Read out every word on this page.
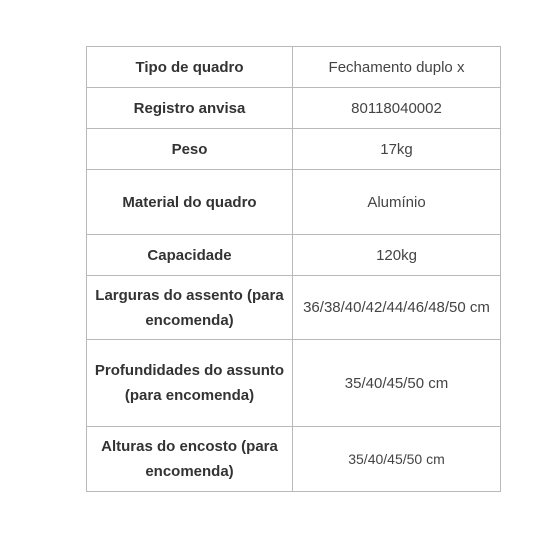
Tipo de quadro	Fechamento duplo x
Registro anvisa	80118040002
Peso	17kg
Material do quadro	Alumínio
Capacidade	120kg
Larguras do assento (para encomenda)	36/38/40/42/44/46/48/50 cm
Profundidades do assunto (para encomenda)	35/40/45/50 cm
Alturas do encosto (para encomenda)	35/40/45/50 cm
